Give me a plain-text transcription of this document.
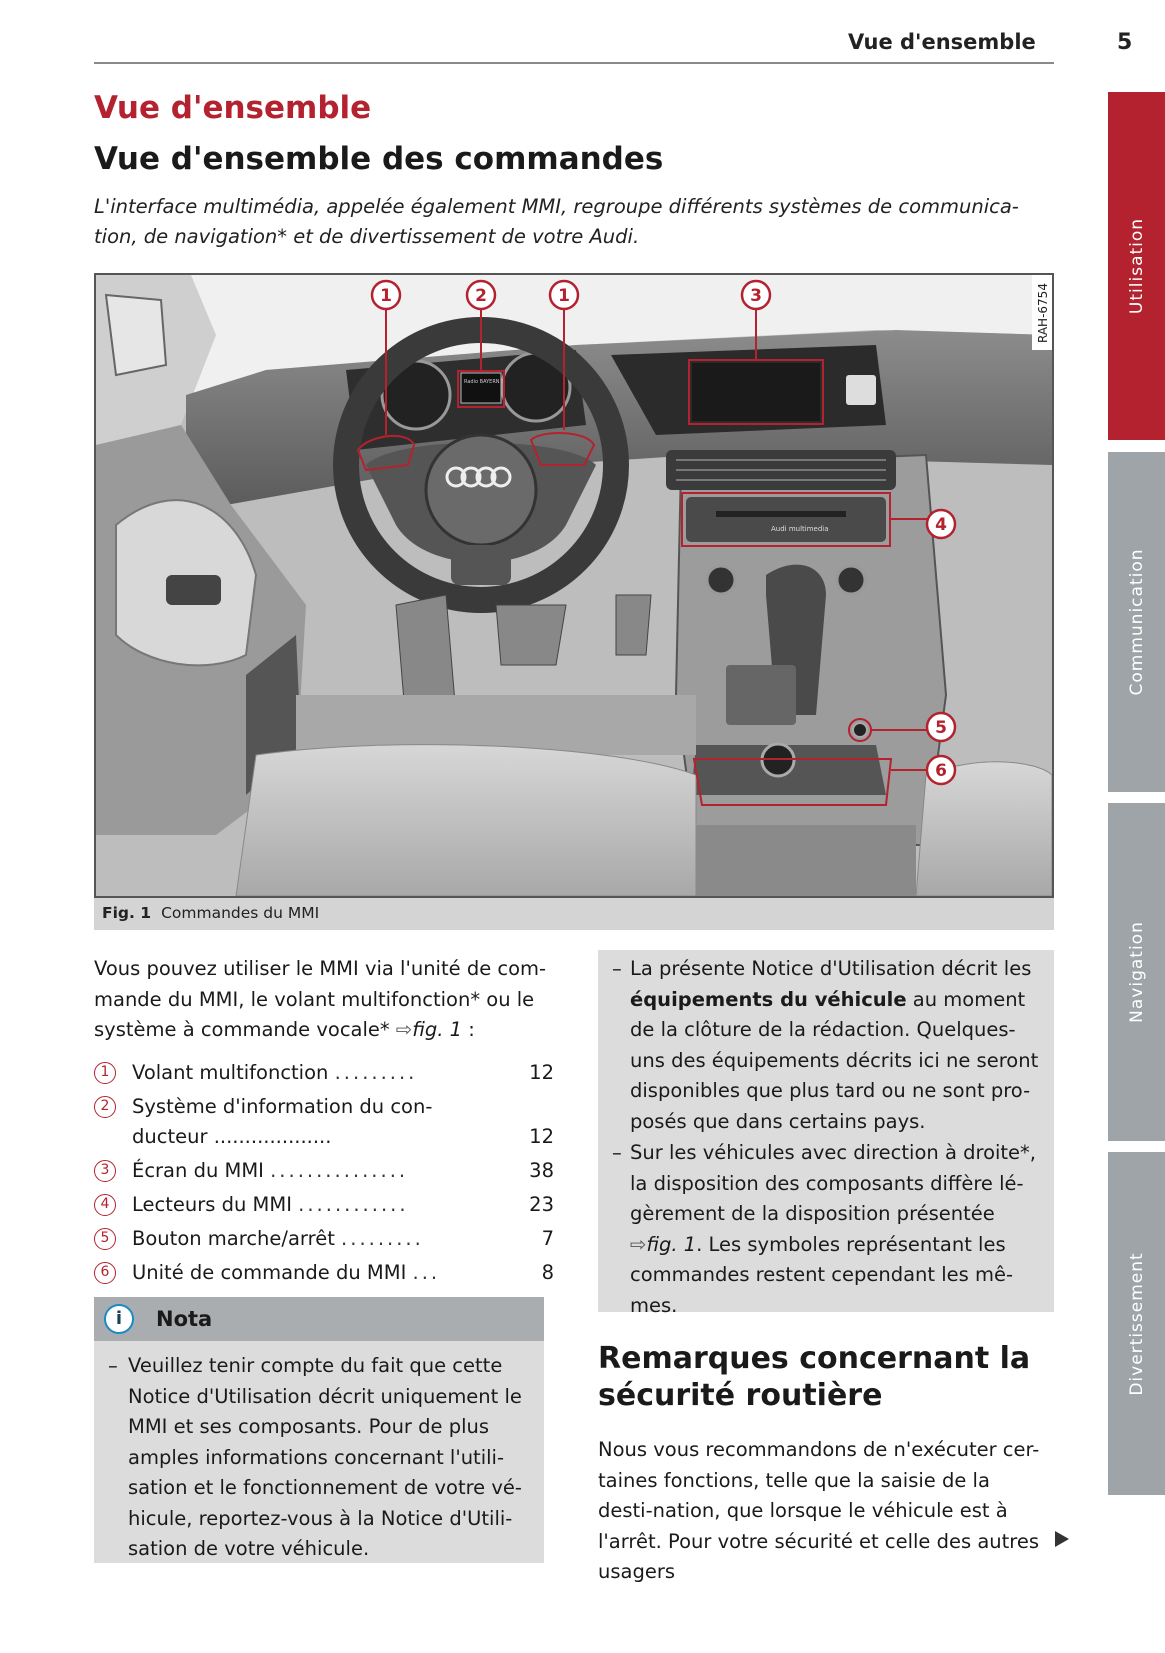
Vue d'ensemble	5
Utilisation
Communication
Navigation
Divertissement
Vue d'ensemble
Vue d'ensemble des commandes
L'interface multimédia, appelée également MMI, regroupe différents systèmes de communica-tion, de navigation* et de divertissement de votre Audi.
Audi multimedia
Radio BAYERN 3
1	2	1	3
4
5
6
RAH-6754
Fig. 1 Commandes du MMI
Vous pouvez utiliser le MMI via l'unité de com-mande du MMI, le volant multifonction* ou le système à commande vocale* ⇨fig. 1 :
1	Volant multifonction .........	12
2	Système d'information du con-
ducteur ...................	12
3	Écran du MMI ...............	38
4	Lecteurs du MMI ............	23
5	Bouton marche/arrêt .........	7
6	Unité de commande du MMI ...	8
i	Nota
– Veuillez tenir compte du fait que cette Notice d'Utilisation décrit uniquement le MMI et ses composants. Pour de plus amples informations concernant l'utili-sation et le fonctionnement de votre vé-hicule, reportez-vous à la Notice d'Utili-sation de votre véhicule.
– La présente Notice d'Utilisation décrit les équipements du véhicule au moment de la clôture de la rédaction. Quelques-uns des équipements décrits ici ne seront disponibles que plus tard ou ne sont pro-posés que dans certains pays.
– Sur les véhicules avec direction à droite*, la disposition des composants diffère lé-gèrement de la disposition présentée ⇨fig. 1. Les symboles représentant les commandes restent cependant les mê-mes.
Remarques concernant la sécurité routière
Nous vous recommandons de n'exécuter cer-taines fonctions, telle que la saisie de la desti-nation, que lorsque le véhicule est à l'arrêt. Pour votre sécurité et celle des autres usagers
